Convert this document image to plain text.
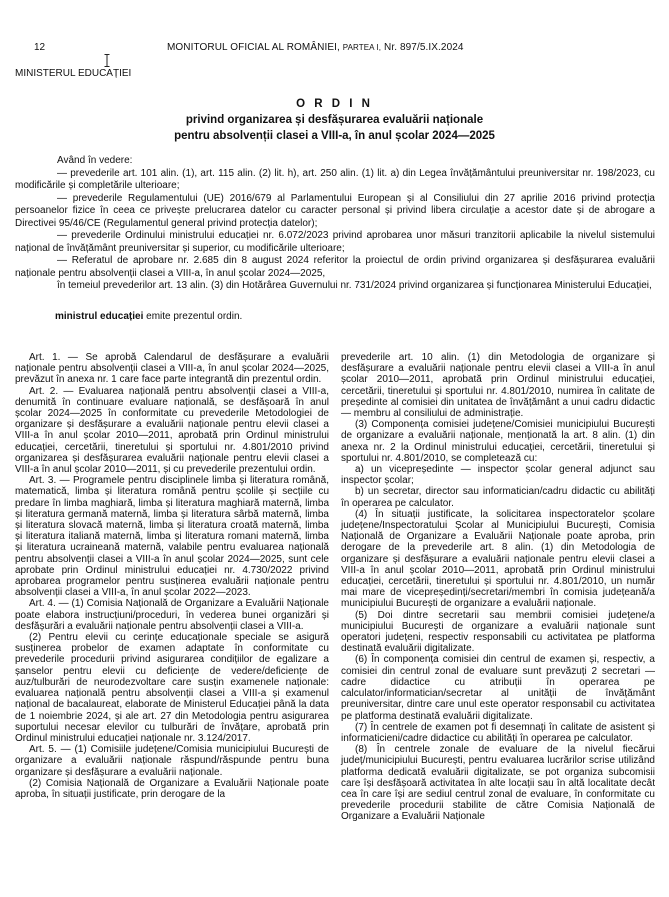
12	MONITORUL OFICIAL AL ROMÂNIEI, PARTEA I, Nr. 897/5.IX.2024
MINISTERUL EDUCAȚIEI
O R D I N
privind organizarea și desfășurarea evaluării naționale
pentru absolvenții clasei a VIII-a, în anul școlar 2024—2025

Având în vedere:

— prevederile art. 101 alin. (1), art. 115 alin. (2) lit. h), art. 250 alin. (1) lit. a) din Legea învățământului preuniversitar nr. 198/2023, cu modificările și completările ulterioare;

— prevederile Regulamentului (UE) 2016/679 al Parlamentului European și al Consiliului din 27 aprilie 2016 privind protecția persoanelor fizice în ceea ce privește prelucrarea datelor cu caracter personal și privind libera circulație a acestor date și de abrogare a Directivei 95/46/CE (Regulamentul general privind protecția datelor);

— prevederile Ordinului ministrului educației nr. 6.072/2023 privind aprobarea unor măsuri tranzitorii aplicabile la nivelul sistemului național de învățământ preuniversitar și superior, cu modificările ulterioare;

— Referatul de aprobare nr. 2.685 din 8 august 2024 referitor la proiectul de ordin privind organizarea și desfășurarea evaluării naționale pentru absolvenții clasei a VIII-a, în anul școlar 2024—2025,

în temeiul prevederilor art. 13 alin. (3) din Hotărârea Guvernului nr. 731/2024 privind organizarea și funcționarea Ministerului Educației,

ministrul educației emite prezentul ordin.

Art. 1. — Se aprobă Calendarul de desfășurare a evaluării naționale pentru absolvenții clasei a VIII-a, în anul școlar 2024—2025, prevăzut în anexa nr. 1 care face parte integrantă din prezentul ordin.

Art. 2. — Evaluarea națională pentru absolvenții clasei a VIII-a, denumită în continuare evaluare națională, se desfășoară în anul școlar 2024—2025 în conformitate cu prevederile Metodologiei de organizare și desfășurare a evaluării naționale pentru elevii clasei a VIII-a în anul școlar 2010—2011, aprobată prin Ordinul ministrului educației, cercetării, tineretului și sportului nr. 4.801/2010 privind organizarea și desfășurarea evaluării naționale pentru elevii clasei a VIII-a în anul școlar 2010—2011, și cu prevederile prezentului ordin.

Art. 3. — Programele pentru disciplinele limba și literatura română, matematică, limba și literatura română pentru școlile și secțiile cu predare în limba maghiară, limba și literatura maghiară maternă, limba și literatura germană maternă, limba și literatura sârbă maternă, limba și literatura slovacă maternă, limba și literatura croată maternă, limba și literatura italiană maternă, limba și literatura romani maternă, limba și literatura ucraineană maternă, valabile pentru evaluarea națională pentru absolvenții clasei a VIII-a în anul școlar 2024—2025, sunt cele aprobate prin Ordinul ministrului educației nr. 4.730/2022 privind aprobarea programelor pentru susținerea evaluării naționale pentru absolvenții clasei a VIII-a, în anul școlar 2022—2023.

Art. 4. — (1) Comisia Națională de Organizare a Evaluării Naționale poate elabora instrucțiuni/proceduri, în vederea bunei organizări și desfășurări a evaluării naționale pentru absolvenții clasei a VIII-a.

(2) Pentru elevii cu cerințe educaționale speciale se asigură susținerea probelor de examen adaptate în conformitate cu prevederile procedurii privind asigurarea condițiilor de egalizare a șanselor pentru elevii cu deficiențe de vedere/deficiențe de auz/tulburări de neurodezvoltare care susțin examenele naționale: evaluarea națională pentru absolvenții clasei a VIII-a și examenul național de bacalaureat, elaborate de Ministerul Educației până la data de 1 noiembrie 2024, și ale art. 27 din Metodologia pentru asigurarea suportului necesar elevilor cu tulburări de învățare, aprobată prin Ordinul ministrului educației naționale nr. 3.124/2017.

Art. 5. — (1) Comisiile județene/Comisia municipiului București de organizare a evaluării naționale răspund/răspunde pentru buna organizare și desfășurare a evaluării naționale.

(2) Comisia Națională de Organizare a Evaluării Naționale poate aproba, în situații justificate, prin derogare de la

prevederile art. 10 alin. (1) din Metodologia de organizare și desfășurare a evaluării naționale pentru elevii clasei a VIII-a în anul școlar 2010—2011, aprobată prin Ordinul ministrului educației, cercetării, tineretului și sportului nr. 4.801/2010, numirea în calitate de președinte al comisiei din unitatea de învățământ a unui cadru didactic — membru al consiliului de administrație.

(3) Componența comisiei județene/Comisiei municipiului București de organizare a evaluării naționale, menționată la art. 8 alin. (1) din anexa nr. 2 la Ordinul ministrului educației, cercetării, tineretului și sportului nr. 4.801/2010, se completează cu:

a) un vicepreședinte — inspector școlar general adjunct sau inspector școlar;

b) un secretar, director sau informatician/cadru didactic cu abilități în operarea pe calculator.

(4) În situații justificate, la solicitarea inspectoratelor școlare județene/Inspectoratului Școlar al Municipiului București, Comisia Națională de Organizare a Evaluării Naționale poate aproba, prin derogare de la prevederile art. 8 alin. (1) din Metodologia de organizare și desfășurare a evaluării naționale pentru elevii clasei a VIII-a în anul școlar 2010—2011, aprobată prin Ordinul ministrului educației, cercetării, tineretului și sportului nr. 4.801/2010, un număr mai mare de vicepreședinți/secretari/membri în comisia județeană/a municipiului București de organizare a evaluării naționale.

(5) Doi dintre secretarii sau membrii comisiei județene/a municipiului București de organizare a evaluării naționale sunt operatori județeni, respectiv responsabili cu activitatea pe platforma destinată evaluării digitalizate.

(6) În componența comisiei din centrul de examen și, respectiv, a comisiei din centrul zonal de evaluare sunt prevăzuți 2 secretari — cadre didactice cu atribuții în operarea pe calculator/informatician/secretar al unității de învățământ preuniversitar, dintre care unul este operator responsabil cu activitatea pe platforma destinată evaluării digitalizate.

(7) În centrele de examen pot fi desemnați în calitate de asistent și informaticieni/cadre didactice cu abilități în operarea pe calculator.

(8) În centrele zonale de evaluare de la nivelul fiecărui județ/municipiului București, pentru evaluarea lucrărilor scrise utilizând platforma dedicată evaluării digitalizate, se pot organiza subcomisii care își desfășoară activitatea în alte locații sau în altă localitate decât cea în care își are sediul centrul zonal de evaluare, în conformitate cu prevederile procedurii stabilite de către Comisia Națională de Organizare a Evaluării Naționale
